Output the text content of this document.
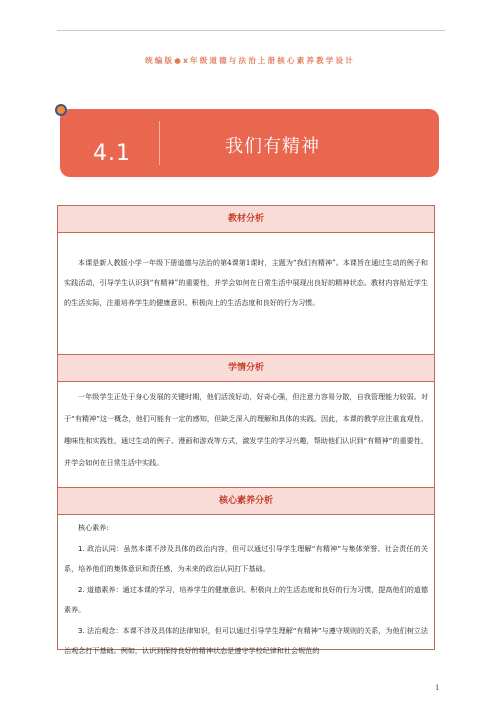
统编版●x年级道德与法治上册核心素养教学设计
4.1	我们有精神
教材分析
本课是新人教版小学一年级下册道德与法治的第4课第1课时，主题为“我们有精神”。本课旨在通过生动的例子和实践活动，引导学生认识到“有精神”的重要性，并学会如何在日常生活中展现出良好的精神状态。教材内容贴近学生的生活实际，注重培养学生的健康意识、积极向上的生活态度和良好的行为习惯。
学情分析
一年级学生正处于身心发展的关键时期，他们活泼好动，好奇心强，但注意力容易分散，自我管理能力较弱。对于“有精神”这一概念，他们可能有一定的感知，但缺乏深入的理解和具体的实践。因此，本课的教学应注重直观性、趣味性和实践性，通过生动的例子、漫画和游戏等方式，激发学生的学习兴趣，帮助他们认识到“有精神”的重要性，并学会如何在日常生活中实践。
核心素养分析

核心素养:

1. 政治认同：虽然本课不涉及具体的政治内容，但可以通过引导学生理解“有精神”与集体荣誉、社会责任的关系，培养他们的集体意识和责任感，为未来的政治认同打下基础。

2. 道德素养：通过本课的学习，培养学生的健康意识、积极向上的生活态度和良好的行为习惯，提高他们的道德素养。

3. 法治观念：本课不涉及具体的法律知识，但可以通过引导学生理解“有精神”与遵守规则的关系，为他们树立法治观念打下基础。例如，认识到保持良好的精神状态是遵守学校纪律和社会规范的

1
